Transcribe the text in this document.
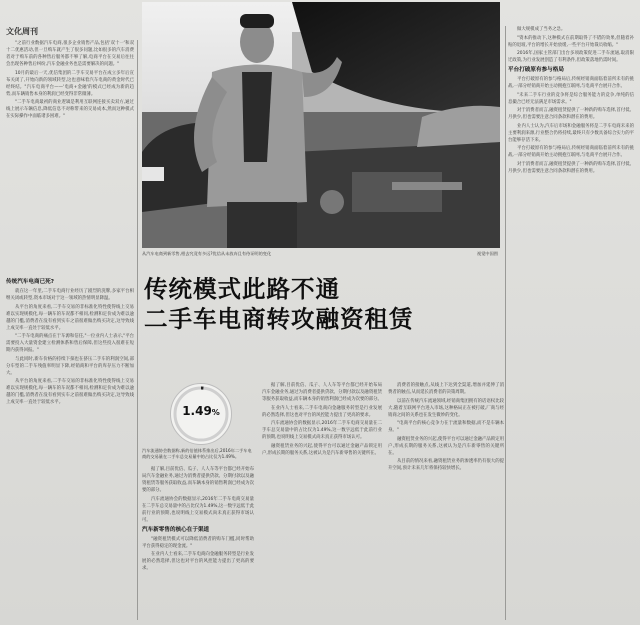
文化周刊

"之前行业数据汽车电商,很多企业销售产品,包括'双十一'和双十二优惠活动,但一旦购车就产生了很多问题,比如很多的汽车消费者对于购车前的各种售后服务都不够了解,电商平台在交易后往往会出现各种售后纠纷,汽车金融业务也是需要解决的问题。"

10月的最后一天,优信集团的二手车交易平台在成立多年后宣布关闭了,开始向新的领域转型,这也意味着汽车电商的黄金时代已经终结。"汽车电商平台——'电商+金融'的模式已经成为新的趋势,而车辆销售本身的利润已经变得非常微薄。

"二手车电商最初的商业逻辑是利用互联网连接买卖双方,通过线上展示车辆信息,降低信息不对称带来的交易成本,然而这种模式在实际操作中面临诸多困难。"

传统汽车电商已死?

就在这一年里,二手车电商行业经历了剧烈的洗牌,多家平台相继关闭或转型,资本市场对于这一领域的热情明显降温。

从平台的角度来看,二手车交易的非标准化特性使得线上交易难以实现规模化,每一辆车的车况都不相同,检测和定价成为难以逾越的门槛,消费者在没有看到实车之前很难做出购买决定,这导致线上成交率一直处于较低水平。

"二手车电商的痛点在于车源和信任,"一位业内人士表示,"平台需要投入大量资金建立检测体系和售后保障,但这些投入很难在短期内获得回报。"

与此同时,新车价格的持续下探也在挤压二手车的利润空间,部分车型的二手车残值率明显下降,经销商和平台的库存压力不断加大。

从平台的角度来看,二手车交易的非标准化特性使得线上交易难以实现规模化,每一辆车的车况都不相同,检测和定价成为难以逾越的门槛,消费者在没有看到实车之前很难做出购买决定,这导致线上成交率一直处于较低水平。

从汽车电商到新零售,相去究竟有多远?优信从未放弃且有待证明的变化	视觉中国图
传统模式此路不通
二手车电商转攻融资租赁
1.49%
汽车流通协会数据称,新的估值体系推出后,2016年二手车电商的交易量在二手车总交易量中的占比仅为1.49%。

据了解,目前优信、瓜子、人人车等平台都已经开始布局汽车金融业务,通过为消费者提供贷款、分期付款以及融资租赁等服务获取收益,而车辆本身的销售利润已经成为次要的部分。

汽车流通协会的数据显示,2016年二手车电商交易量在二手车总交易量中的占比仅为1.49%,这一数字远低于此前行业的预期,也说明线上交易模式尚未真正获得市场认可。

汽车新零售的核心在于渠道

"融资租赁模式可以降低消费者的购车门槛,同时帮助平台获得稳定的现金流。"

在业内人士看来,二手车电商向金融服务转型是行业发展的必然选择,但这也对平台的风控能力提出了更高的要求。

据了解,目前优信、瓜子、人人车等平台都已经开始布局汽车金融业务,通过为消费者提供贷款、分期付款以及融资租赁等服务获取收益,而车辆本身的销售利润已经成为次要的部分。

在业内人士看来,二手车电商向金融服务转型是行业发展的必然选择,但这也对平台的风控能力提出了更高的要求。

汽车流通协会的数据显示,2016年二手车电商交易量在二手车总交易量中的占比仅为1.49%,这一数字远低于此前行业的预期,也说明线上交易模式尚未真正获得市场认可。

融资租赁业务的兴起,使得平台可以通过金融产品锁定用户,形成长期的服务关系,这被认为是汽车新零售的关键所在。

消费者的接触点,从线上下达到全渠道,增加并延伸了消费者的触点,从而延长消费者的决策周期。

以前在传统汽车流通领域,经销商集团拥有的话语权比较大,随着互联网平台进入市场,这种格局正在被打破,厂商与经销商之间的关系也在发生微妙的变化。

"电商平台的核心竞争力在于流量和数据,而不是车辆本身。"

融资租赁业务的兴起,使得平台可以通过金融产品锁定用户,形成长期的服务关系,这被认为是汽车新零售的关键所在。

从目前的情况来看,融资租赁业务的渗透率仍有很大的提升空间,预计未来几年将保持较快增长。

做大规模成了当务之急。

"资本的推动下,这种模式在前期取得了不错的效果,但随着补贴的退坡,平台的增长开始放缓,一些平台开始裁员收缩。"

2016年,国家主管部门出台多项政策促进二手车流通,取消限迁政策,为行业发展创造了有利条件,但政策落地仍需时间。

平台打破原有参与格局

平台打破原有的参与格局后,传统经销商面临着前所未有的挑战,一部分经销商开始主动拥抱互联网,与电商平台展开合作。

"未来二手车行业的竞争将是综合服务能力的竞争,单纯的信息撮合已经无法满足市场需求。"

对于消费者而言,融资租赁提供了一种新的购车选择,首付低、月供少,但也需要注意合同条款和潜在的费用。

业内人士认为,汽车后市场和金融服务将是二手车电商未来的主要利润来源,行业整合仍将持续,最终只有少数具备综合实力的平台能够存活下来。

平台打破原有的参与格局后,传统经销商面临着前所未有的挑战,一部分经销商开始主动拥抱互联网,与电商平台展开合作。

对于消费者而言,融资租赁提供了一种新的购车选择,首付低、月供少,但也需要注意合同条款和潜在的费用。
